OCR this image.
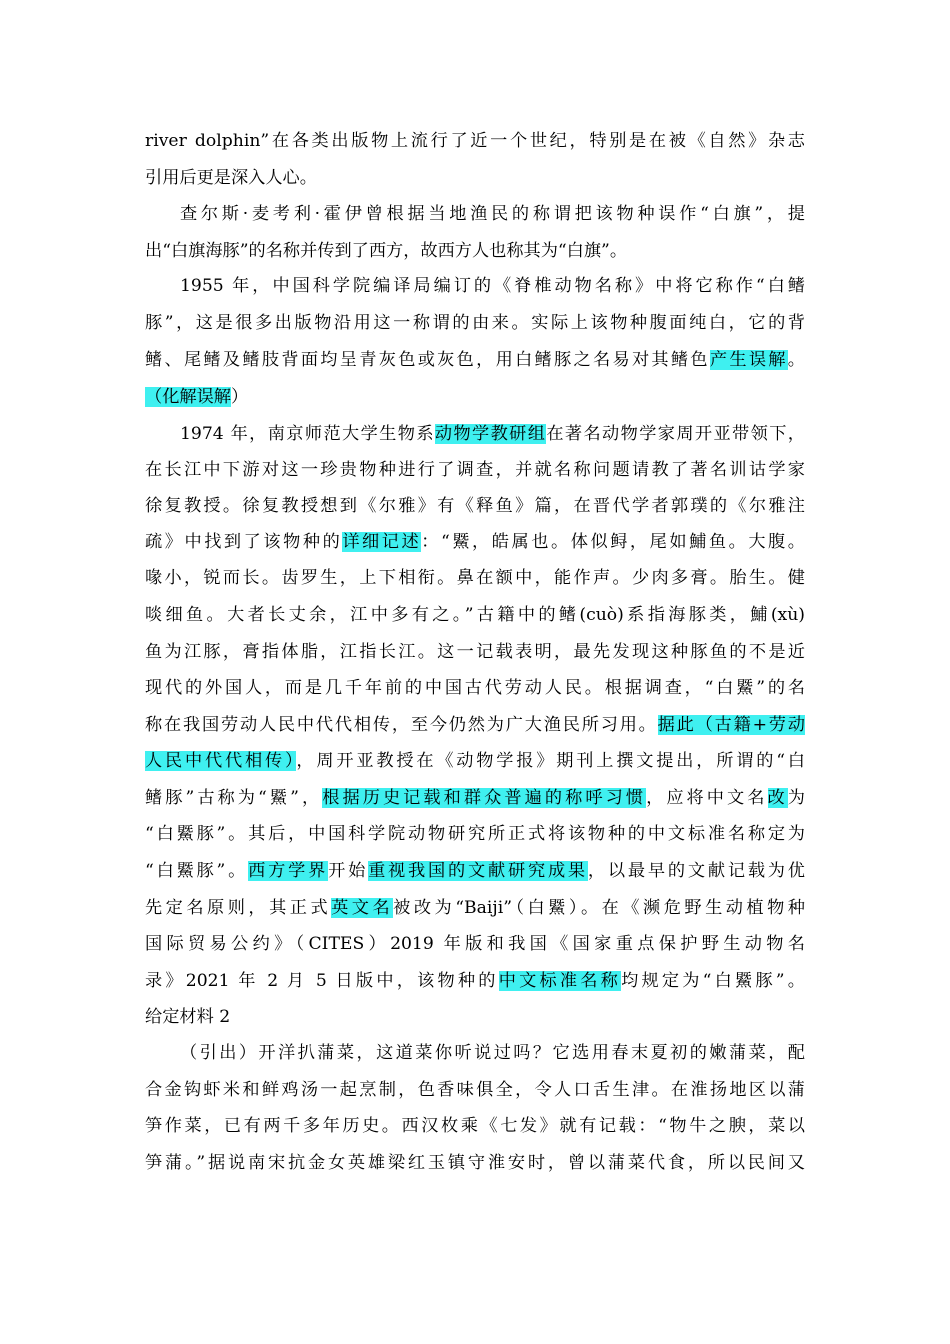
river dolphin”在各类出版物上流行了近一个世纪，特别是在被《自然》杂志
引用后更是深入人心。
查尔斯·麦考利·霍伊曾根据当地渔民的称谓把该物种误作“白旗”，提
出“白旗海豚”的名称并传到了西方，故西方人也称其为“白旗”。
1955 年，中国科学院编译局编订的《脊椎动物名称》中将它称作“白鳍
豚”，这是很多出版物沿用这一称谓的由来。实际上该物种腹面纯白，它的背
鳍、尾鳍及鳍肢背面均呈青灰色或灰色，用白鳍豚之名易对其鳍色产生误解。
（化解误解）
1974 年，南京师范大学生物系动物学教研组在著名动物学家周开亚带领下，
在长江中下游对这一珍贵物种进行了调查，并就名称问题请教了著名训诂学家
徐复教授。徐复教授想到《尔雅》有《释鱼》篇，在晋代学者郭璞的《尔雅注
疏》中找到了该物种的详细记述：“鱀，皓属也。体似鲟，尾如鯆鱼。大腹。
喙小，锐而长。齿罗生，上下相衔。鼻在额中，能作声。少肉多膏。胎生。健
啖细鱼。大者长丈余，江中多有之。”古籍中的鳍(cuò)系指海豚类，鯆(xù)
鱼为江豚，膏指体脂，江指长江。这一记载表明，最先发现这种豚鱼的不是近
现代的外国人，而是几千年前的中国古代劳动人民。根据调查，“白鱀”的名
称在我国劳动人民中代代相传，至今仍然为广大渔民所习用。据此（古籍+劳动
人民中代代相传），周开亚教授在《动物学报》期刊上撰文提出，所谓的“白
鳍豚”古称为“鱀”，根据历史记载和群众普遍的称呼习惯，应将中文名改为
“白鱀豚”。其后，中国科学院动物研究所正式将该物种的中文标准名称定为
“白鱀豚”。西方学界开始重视我国的文献研究成果，以最早的文献记载为优
先定名原则，其正式英文名被改为“Baiji”（白鱀）。在《濒危野生动植物种
国际贸易公约》（CITES）2019 年版和我国《国家重点保护野生动物名
录》2021 年 2 月 5 日版中，该物种的中文标准名称均规定为“白鱀豚”。
给定材料 2
（引出）开洋扒蒲菜，这道菜你听说过吗？它选用春末夏初的嫩蒲菜，配
合金钩虾米和鲜鸡汤一起烹制，色香味俱全，令人口舌生津。在淮扬地区以蒲
笋作菜，已有两千多年历史。西汉枚乘《七发》就有记载：“物牛之腴，菜以
笋蒲。”据说南宋抗金女英雄梁红玉镇守淮安时，曾以蒲菜代食，所以民间又
